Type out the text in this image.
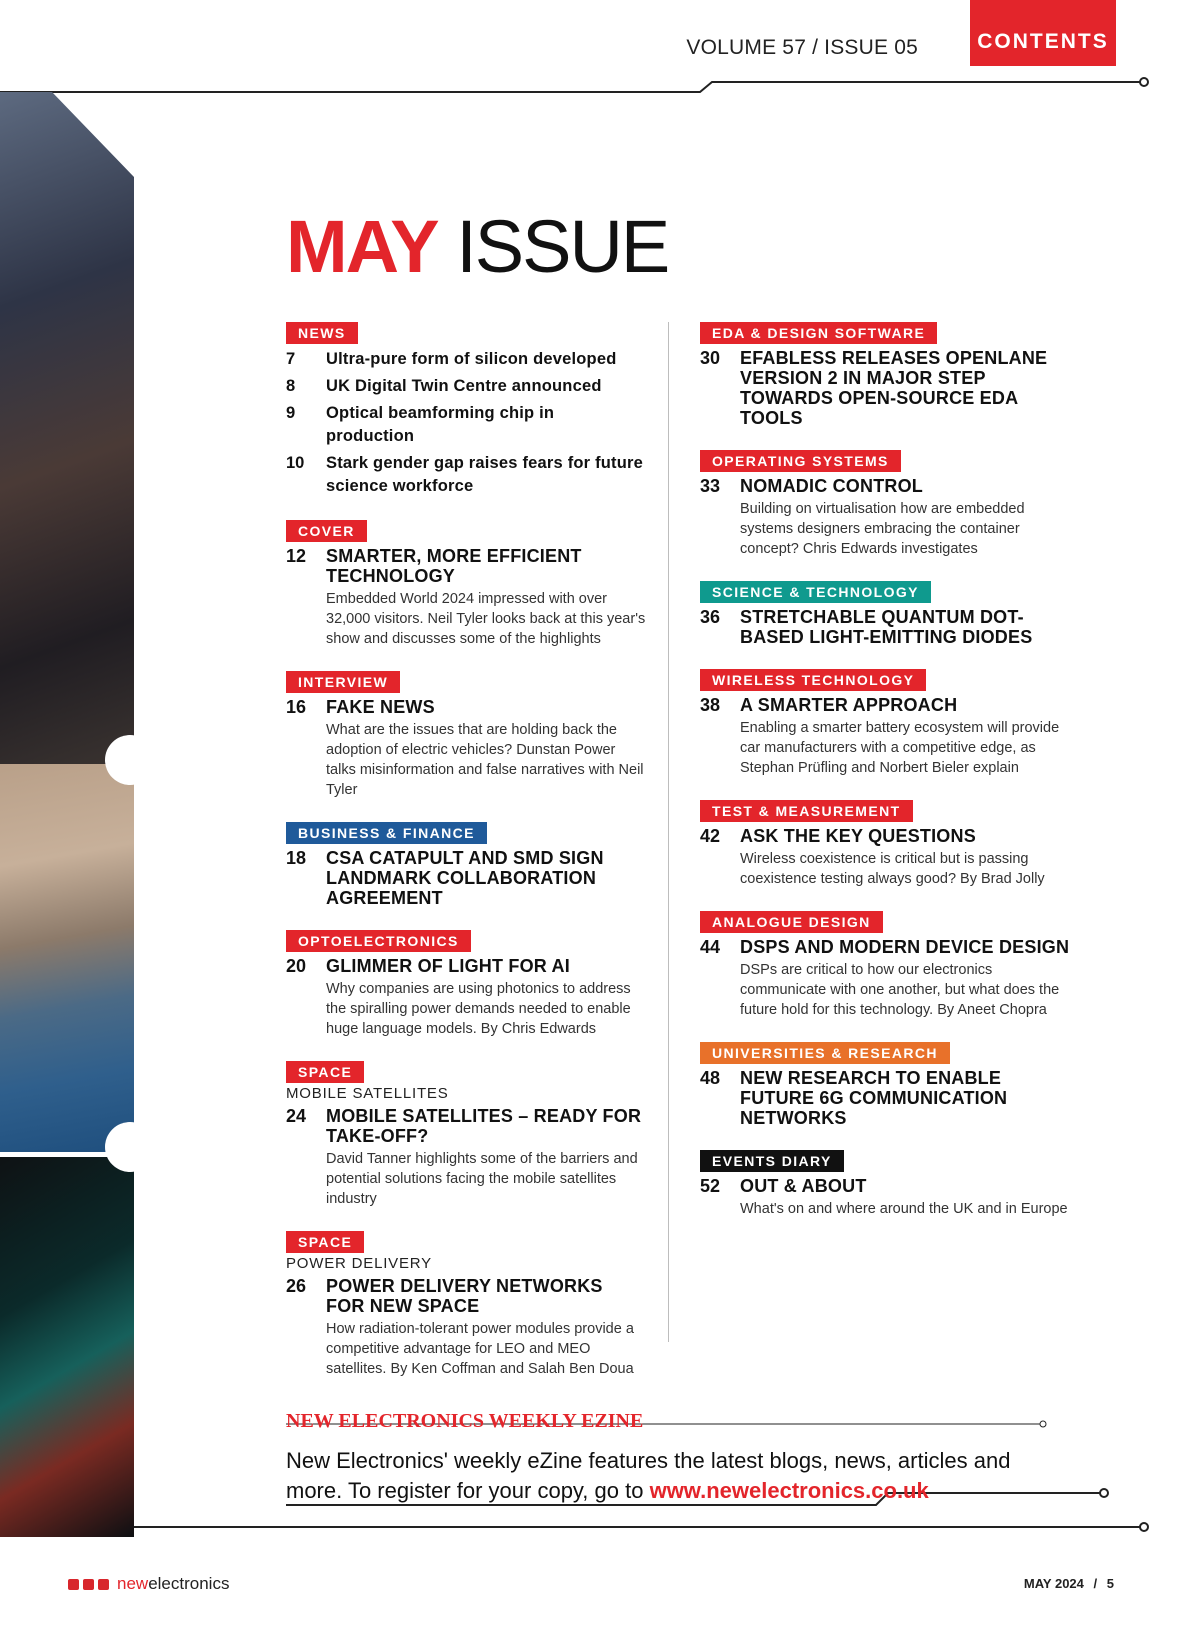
VOLUME 57 / ISSUE 05	CONTENTS
MAY ISSUE
NEWS
7	Ultra-pure form of silicon developed
8	UK Digital Twin Centre announced
9	Optical beamforming chip in production
10	Stark gender gap raises fears for future science workforce
COVER
12	SMARTER, MORE EFFICIENT TECHNOLOGY
Embedded World 2024 impressed with over 32,000 visitors. Neil Tyler looks back at this year's show and discusses some of the highlights
INTERVIEW
16	FAKE NEWS
What are the issues that are holding back the adoption of electric vehicles? Dunstan Power talks misinformation and false narratives with Neil Tyler
BUSINESS & FINANCE
18	CSA CATAPULT AND SMD SIGN LANDMARK COLLABORATION AGREEMENT
OPTOELECTRONICS
20	GLIMMER OF LIGHT FOR AI
Why companies are using photonics to address the spiralling power demands needed to enable huge language models. By Chris Edwards
SPACE
MOBILE SATELLITES
24	MOBILE SATELLITES – READY FOR TAKE-OFF?
David Tanner highlights some of the barriers and potential solutions facing the mobile satellites industry
SPACE
POWER DELIVERY
26	POWER DELIVERY NETWORKS FOR NEW SPACE
How radiation-tolerant power modules provide a competitive advantage for LEO and MEO satellites. By Ken Coffman and Salah Ben Doua
EDA & DESIGN SOFTWARE
30	EFABLESS RELEASES OPENLANE VERSION 2 IN MAJOR STEP TOWARDS OPEN-SOURCE EDA TOOLS
OPERATING SYSTEMS
33	NOMADIC CONTROL
Building on virtualisation how are embedded systems designers embracing the container concept? Chris Edwards investigates
SCIENCE & TECHNOLOGY
36	STRETCHABLE QUANTUM DOT-BASED LIGHT-EMITTING DIODES
WIRELESS TECHNOLOGY
38	A SMARTER APPROACH
Enabling a smarter battery ecosystem will provide car manufacturers with a competitive edge, as Stephan Prüfling and Norbert Bieler explain
TEST & MEASUREMENT
42	ASK THE KEY QUESTIONS
Wireless coexistence is critical but is passing coexistence testing always good? By Brad Jolly
ANALOGUE DESIGN
44	DSPS AND MODERN DEVICE DESIGN
DSPs are critical to how our electronics communicate with one another, but what does the future hold for this technology. By Aneet Chopra
UNIVERSITIES & RESEARCH
48	NEW RESEARCH TO ENABLE FUTURE 6G COMMUNICATION NETWORKS
EVENTS DIARY
52	OUT & ABOUT
What's on and where around the UK and in Europe
NEW ELECTRONICS WEEKLY EZINE
New Electronics' weekly eZine features the latest blogs, news, articles and more. To register for your copy, go to www.newelectronics.co.uk
newelectronics	MAY 2024 / 5
